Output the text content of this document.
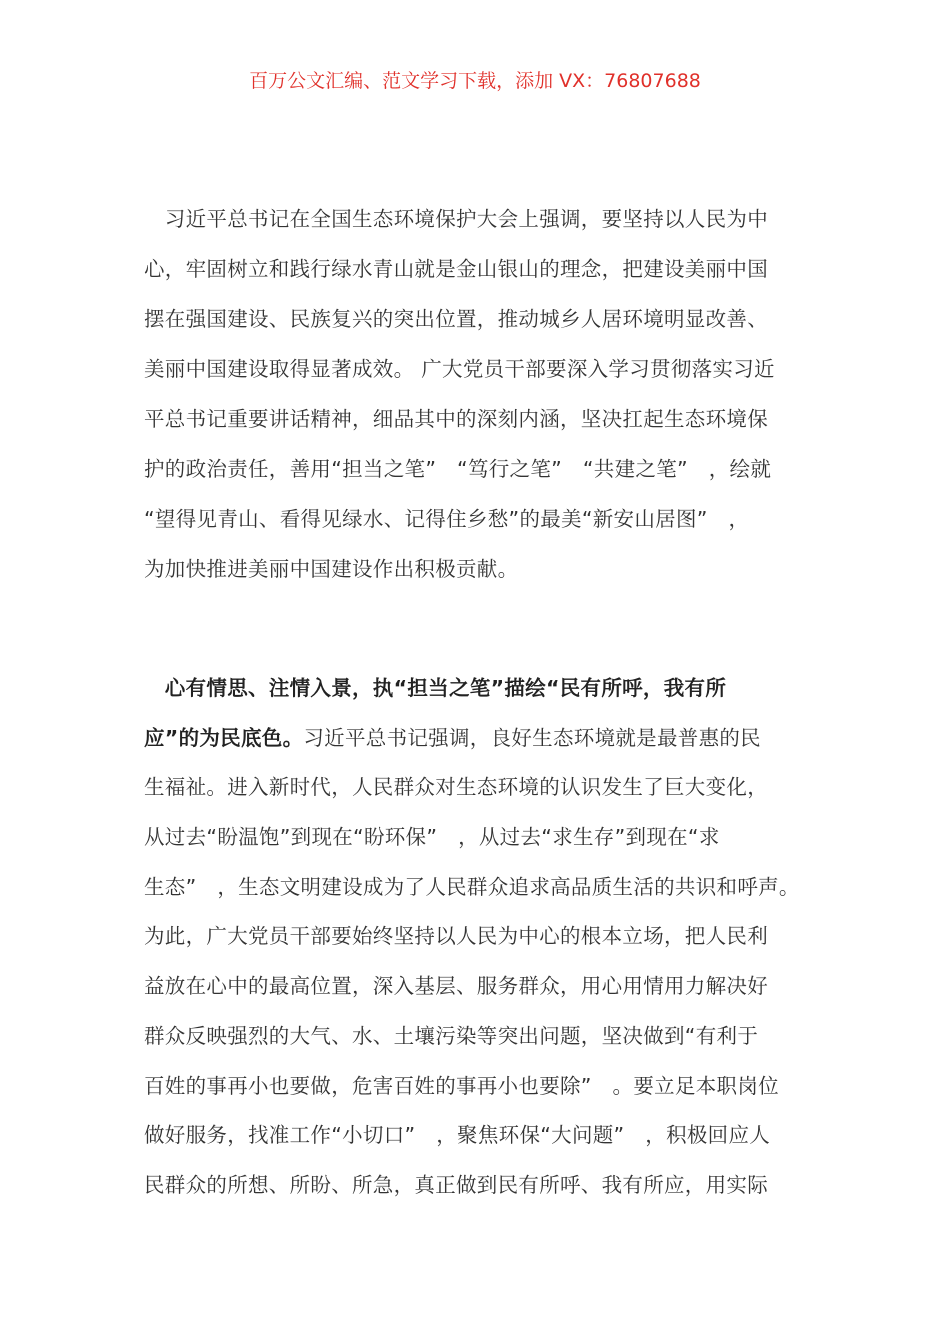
百万公文汇编、范文学习下载，添加 VX：76807688
　习近平总书记在全国生态环境保护大会上强调，要坚持以人民为中
心，牢固树立和践行绿水青山就是金山银山的理念，把建设美丽中国
摆在强国建设、民族复兴的突出位置，推动城乡人居环境明显改善、
美丽中国建设取得显著成效。 广大党员干部要深入学习贯彻落实习近
平总书记重要讲话精神，细品其中的深刻内涵，坚决扛起生态环境保
护的政治责任，善用“担当之笔”　“笃行之笔”　“共建之笔”　，绘就
“望得见青山、看得见绿水、记得住乡愁”的最美“新安山居图”　，
为加快推进美丽中国建设作出积极贡献。
　心有情思、注情入景，执“担当之笔”描绘“民有所呼，我有所
应”的为民底色。习近平总书记强调，良好生态环境就是最普惠的民
生福祉。进入新时代，人民群众对生态环境的认识发生了巨大变化，
从过去“盼温饱”到现在“盼环保”　，从过去“求生存”到现在“求
生态”　，生态文明建设成为了人民群众追求高品质生活的共识和呼声。
为此，广大党员干部要始终坚持以人民为中心的根本立场，把人民利
益放在心中的最高位置，深入基层、服务群众，用心用情用力解决好
群众反映强烈的大气、水、土壤污染等突出问题，坚决做到“有利于
百姓的事再小也要做，危害百姓的事再小也要除”　。要立足本职岗位
做好服务，找准工作“小切口”　，聚焦环保“大问题”　，积极回应人
民群众的所想、所盼、所急，真正做到民有所呼、我有所应，用实际
